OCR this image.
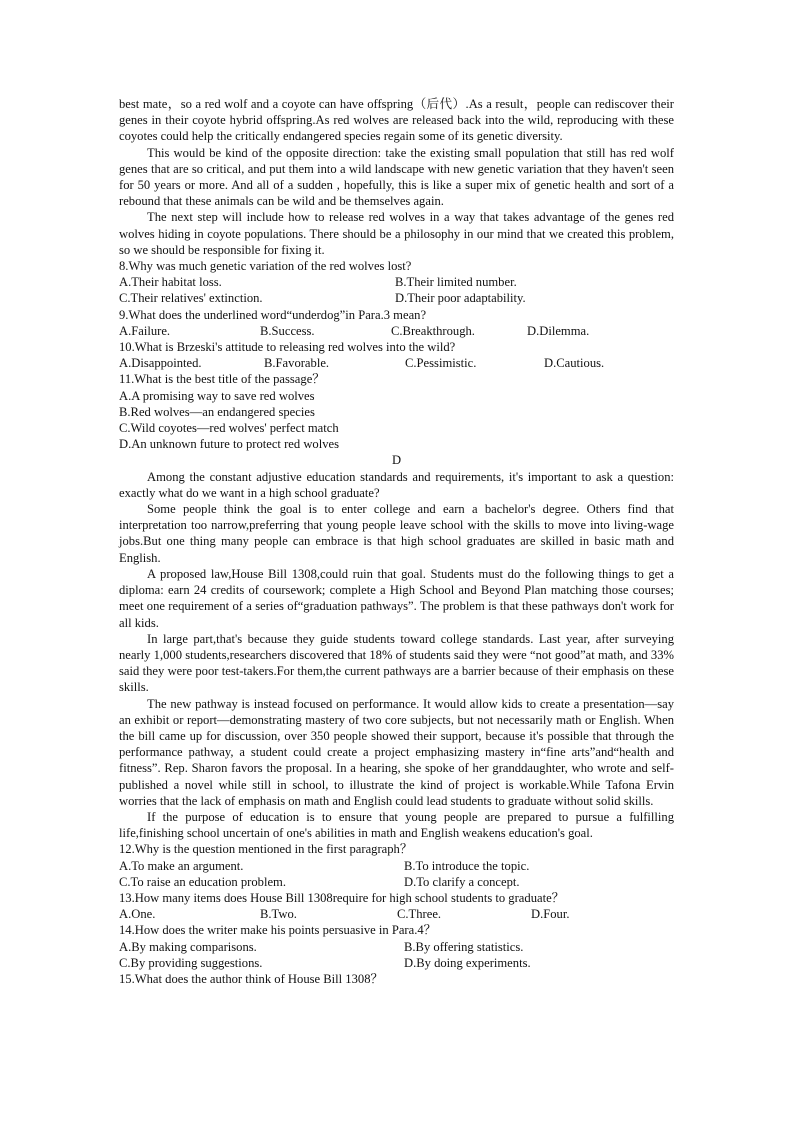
best mate，so a red wolf and a coyote can have offspring（后代）.As a result，people can rediscover their genes in their coyote hybrid offspring.As red wolves are released back into the wild, reproducing with these coyotes could help the critically endangered species regain some of its genetic diversity.

This would be kind of the opposite direction: take the existing small population that still has red wolf genes that are so critical, and put them into a wild landscape with new genetic variation that they haven't seen for 50 years or more. And all of a sudden , hopefully, this is like a super mix of genetic health and sort of a rebound that these animals can be wild and be themselves again.

The next step will include how to release red wolves in a way that takes advantage of the genes red wolves hiding in coyote populations. There should be a philosophy in our mind that we created this problem, so we should be responsible for fixing it.

8.Why was much genetic variation of the red wolves lost?

A.Their habitat loss.	B.Their limited number.
C.Their relatives' extinction.	D.Their poor adaptability.

9.What does the underlined word“underdog”in Para.3 mean?

A.Failure.	B.Success.	C.Breakthrough.	D.Dilemma.

10.What is Brzeski's attitude to releasing red wolves into the wild?

A.Disappointed.	B.Favorable.	C.Pessimistic.	D.Cautious.

11.What is the best title of the passage？

A.A promising way to save red wolves

B.Red wolves—an endangered species

C.Wild coyotes—red wolves' perfect match

D.An unknown future to protect red wolves

D

Among the constant adjustive education standards and requirements, it's important to ask a question: exactly what do we want in a high school graduate?

Some people think the goal is to enter college and earn a bachelor's degree. Others find that interpretation too narrow,preferring that young people leave school with the skills to move into living-wage jobs.But one thing many people can embrace is that high school graduates are skilled in basic math and English.

A proposed law,House Bill 1308,could ruin that goal. Students must do the following things to get a diploma: earn 24 credits of coursework; complete a High School and Beyond Plan matching those courses; meet one requirement of a series of“graduation pathways”. The problem is that these pathways don't work for all kids.

In large part,that's because they guide students toward college standards. Last year, after surveying nearly 1,000 students,researchers discovered that 18% of students said they were “not good”at math, and 33% said they were poor test-takers.For them,the current pathways are a barrier because of their emphasis on these skills.

The new pathway is instead focused on performance. It would allow kids to create a presentation—say an exhibit or report—demonstrating mastery of two core subjects, but not necessarily math or English. When the bill came up for discussion, over 350 people showed their support, because it's possible that through the performance pathway, a student could create a project emphasizing mastery in“fine arts”and“health and fitness”. Rep. Sharon favors the proposal. In a hearing, she spoke of her granddaughter, who wrote and self-published a novel while still in school, to illustrate the kind of project is workable.While Tafona Ervin worries that the lack of emphasis on math and English could lead students to graduate without solid skills.

If the purpose of education is to ensure that young people are prepared to pursue a fulfilling life,finishing school uncertain of one's abilities in math and English weakens education's goal.

12.Why is the question mentioned in the first paragraph？

A.To make an argument.	B.To introduce the topic.
C.To raise an education problem.	D.To clarify a concept.

13.How many items does House Bill 1308require for high school students to graduate？

A.One.	B.Two.	C.Three.	D.Four.

14.How does the writer make his points persuasive in Para.4？

A.By making comparisons.	B.By offering statistics.
C.By providing suggestions.	D.By doing experiments.

15.What does the author think of House Bill 1308？
